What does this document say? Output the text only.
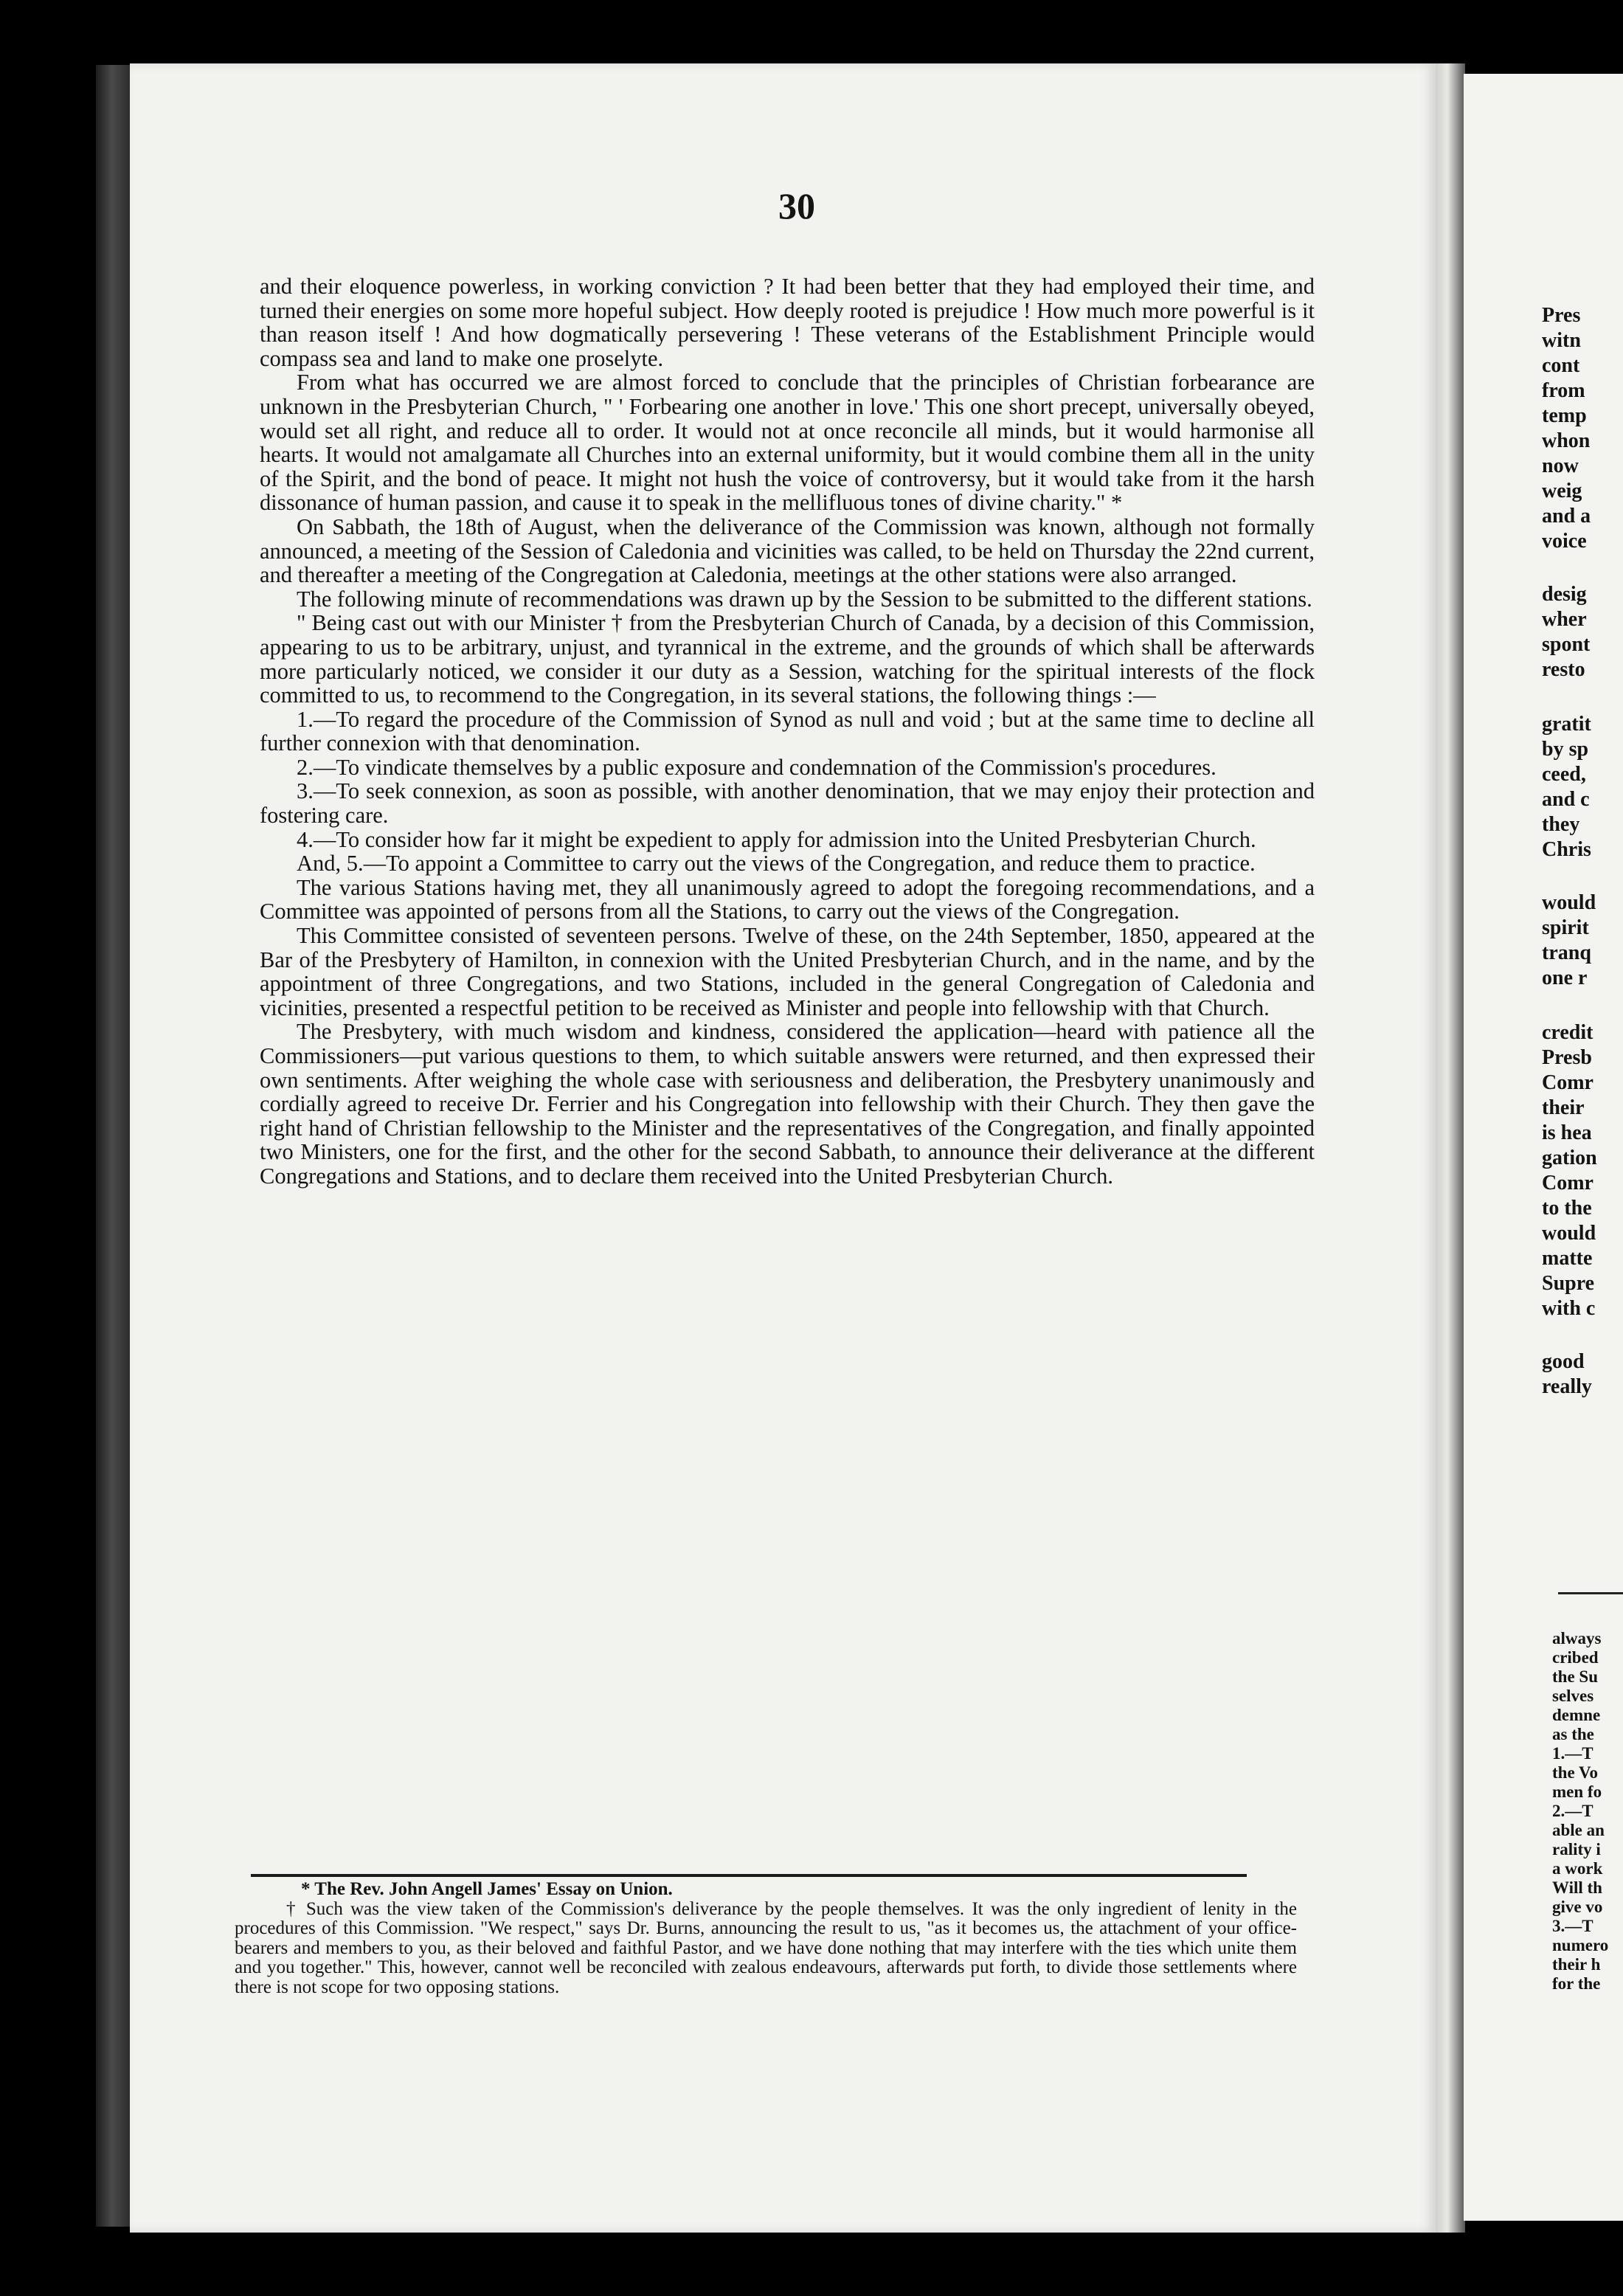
30

and their eloquence powerless, in working conviction ? It had been better that they had employed their time, and turned their energies on some more hopeful subject. How deeply rooted is prejudice ! How much more powerful is it than reason itself ! And how dogmatically persevering ! These veterans of the Establishment Principle would compass sea and land to make one proselyte.

From what has occurred we are almost forced to conclude that the principles of Christian forbearance are unknown in the Presbyterian Church, " ' Forbearing one another in love.' This one short precept, universally obeyed, would set all right, and reduce all to order. It would not at once reconcile all minds, but it would harmonise all hearts. It would not amalgamate all Churches into an external uniformity, but it would combine them all in the unity of the Spirit, and the bond of peace. It might not hush the voice of controversy, but it would take from it the harsh dissonance of human passion, and cause it to speak in the mellifluous tones of divine charity." *

On Sabbath, the 18th of August, when the deliverance of the Commission was known, although not formally announced, a meeting of the Session of Caledonia and vicinities was called, to be held on Thursday the 22nd current, and thereafter a meeting of the Congregation at Caledonia, meetings at the other stations were also arranged.

The following minute of recommendations was drawn up by the Session to be submitted to the different stations.

" Being cast out with our Minister † from the Presbyterian Church of Canada, by a decision of this Commission, appearing to us to be arbitrary, unjust, and tyrannical in the extreme, and the grounds of which shall be afterwards more particularly noticed, we consider it our duty as a Session, watching for the spiritual interests of the flock committed to us, to recommend to the Congregation, in its several stations, the following things :—

1.—To regard the procedure of the Commission of Synod as null and void ; but at the same time to decline all further connexion with that denomination.

2.—To vindicate themselves by a public exposure and condemnation of the Commission's procedures.

3.—To seek connexion, as soon as possible, with another denomination, that we may enjoy their protection and fostering care.

4.—To consider how far it might be expedient to apply for admission into the United Presbyterian Church.

And, 5.—To appoint a Committee to carry out the views of the Congregation, and reduce them to practice.

The various Stations having met, they all unanimously agreed to adopt the foregoing recommendations, and a Committee was appointed of persons from all the Stations, to carry out the views of the Congregation.

This Committee consisted of seventeen persons. Twelve of these, on the 24th September, 1850, appeared at the Bar of the Presbytery of Hamilton, in connexion with the United Presbyterian Church, and in the name, and by the appointment of three Congregations, and two Stations, included in the general Congregation of Caledonia and vicinities, presented a respectful petition to be received as Minister and people into fellowship with that Church.

The Presbytery, with much wisdom and kindness, considered the application—heard with patience all the Commissioners—put various questions to them, to which suitable answers were returned, and then expressed their own sentiments. After weighing the whole case with seriousness and deliberation, the Presbytery unanimously and cordially agreed to receive Dr. Ferrier and his Congregation into fellowship with their Church. They then gave the right hand of Christian fellowship to the Minister and the representatives of the Congregation, and finally appointed two Ministers, one for the first, and the other for the second Sabbath, to announce their deliverance at the different Congregations and Stations, and to declare them received into the United Presbyterian Church.

* The Rev. John Angell James' Essay on Union.

† Such was the view taken of the Commission's deliverance by the people themselves. It was the only ingredient of lenity in the procedures of this Commission. "We respect," says Dr. Burns, announcing the result to us, "as it becomes us, the attachment of your office-bearers and members to you, as their beloved and faithful Pastor, and we have done nothing that may interfere with the ties which unite them and you together." This, however, cannot well be reconciled with zealous endeavours, afterwards put forth, to divide those settlements where there is not scope for two opposing stations.

Pres
witn
cont
from
temp
whon
now
weig
and a
voice
desig
wher
spont
resto
gratit
by sp
ceed,
and c
they
Chris
would
spirit
tranq
one r
credit
Presb
Comr
their
is hea
gation
Comr
to the
would
matte
Supre
with c
good
really
always
cribed
the Su
selves
demne
as the
1.—T
the Vo
men fo
2.—T
able an
rality i
a work
Will th
give vo
3.—T
numero
their h
for the
